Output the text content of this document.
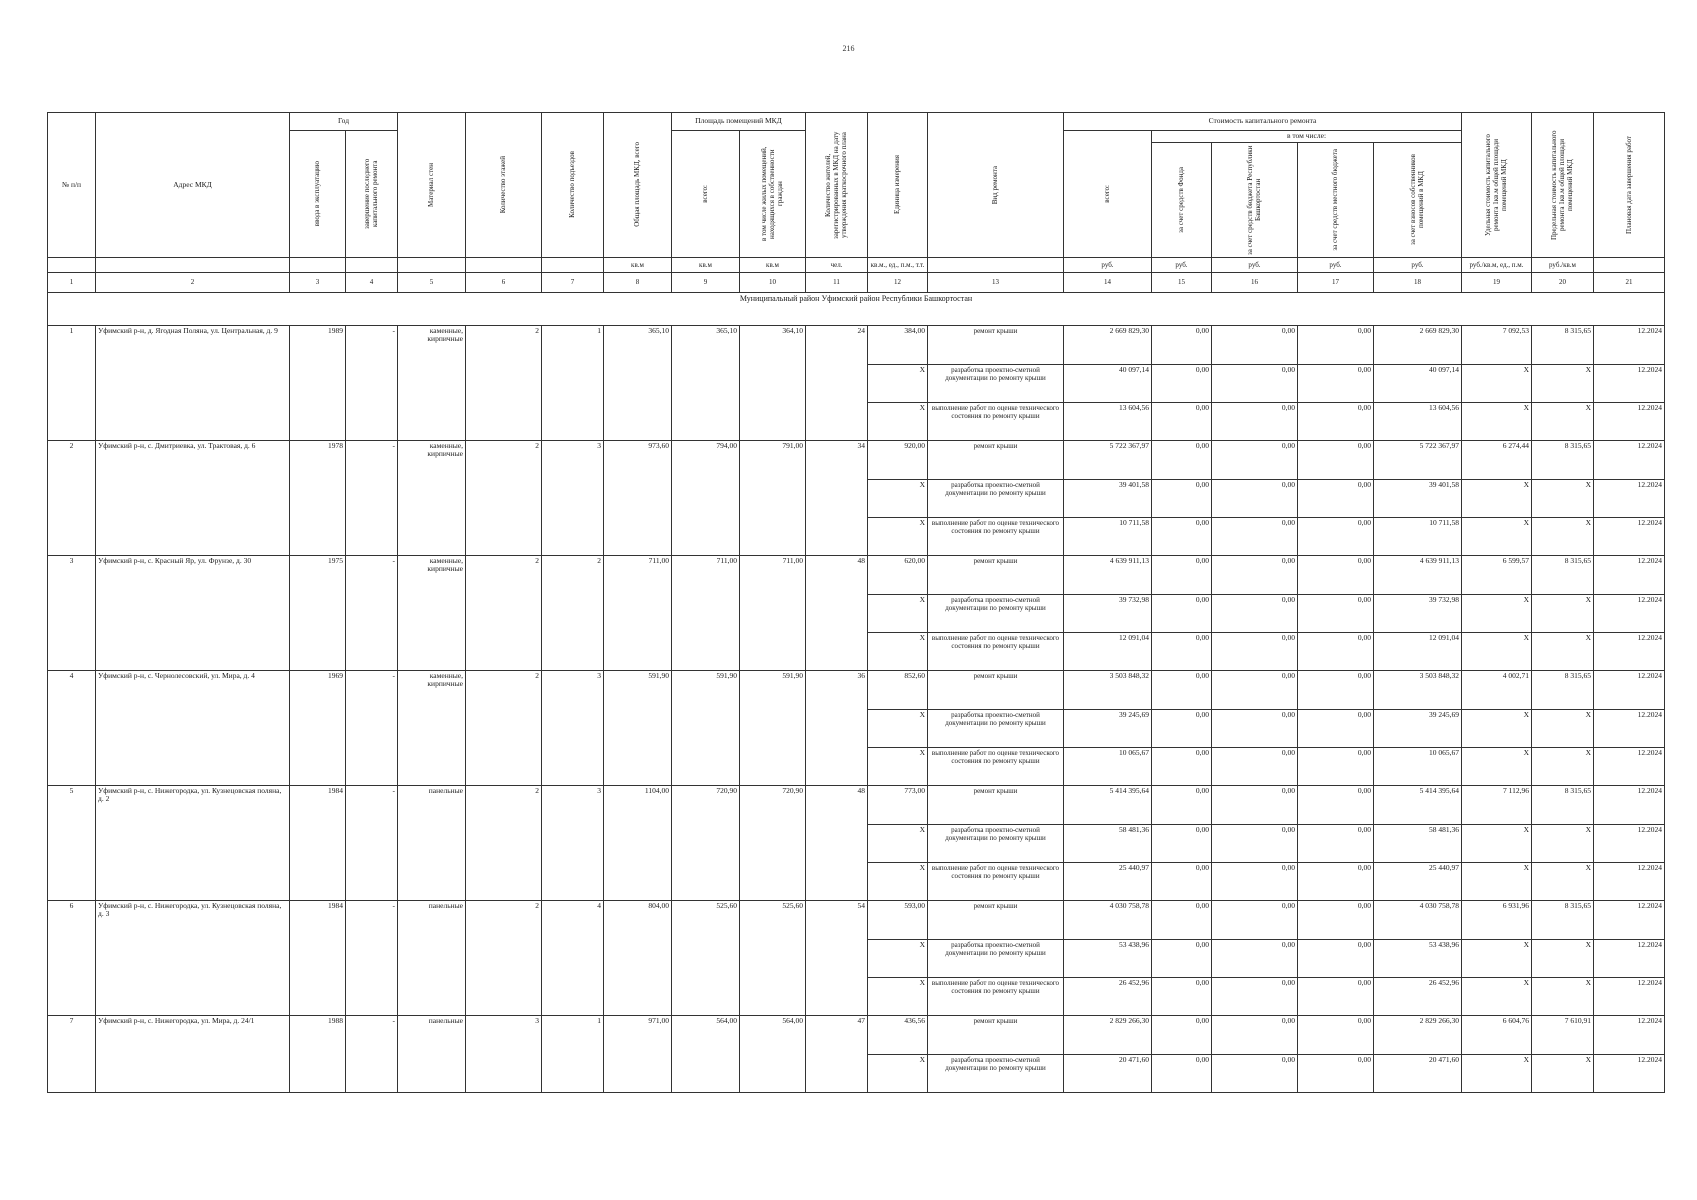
216
№ п/п	Адрес МКД	Год		Материал стен	Количество этажей	Количество подъездов	Общая площадь МКД, всего	Площадь помещений МКД		Количество жителей, зарегистрированных в МКД на дату утверждения краткосрочного плана	Единица измерения	Вид ремонта	Стоимость капитального ремонта					Удельная стоимость капитального ремонта 1кв.м общей площади помещений МКД	Предельная стоимость капитального ремонта 1кв.м общей площади помещений МКД	Плановая дата завершения работ

		ввода в эксплуатацию	завершение последнего капитального ремонта					всего:	в том числе жилых помещений, находящихся в собственности граждан				всего:	в том числе:						

														за счет средств Фонда	за счет средств бюджета Республики Башкортостан	за счет средств местного бюджета	за счет взносов собственников помещений в МКД			

							кв.м	кв.м	кв.м	чел.	кв.м., ед., п.м., т.т.		руб.	руб.	руб.	руб.	руб.	руб./кв.м, ед., п.м.	руб./кв.м	
1	2	3	4	5	6	7	8	9	10	11	12	13	14	15	16	17	18	19	20	21
Муниципальный район Уфимский район Республики Башкортостан																				
1	Уфимский р-н, д. Ягодная Поляна, ул. Центральная, д. 9	1989	-	каменные, кирпичные	2	1	365,10	365,10	364,10	24	384,00	ремонт крыши	2 669 829,30	0,00	0,00	0,00	2 669 829,30	7 092,53	8 315,65	12.2024
											X	разработка проектно-сметной документации по ремонту крыши	40 097,14	0,00	0,00	0,00	40 097,14	X	X	12.2024
											X	выполнение работ по оценке технического состояния по ремонту крыши	13 604,56	0,00	0,00	0,00	13 604,56	X	X	12.2024
2	Уфимский р-н, с. Дмитриевка, ул. Трактовая, д. 6	1978	-	каменные, кирпичные	2	3	973,60	794,00	791,00	34	920,00	ремонт крыши	5 722 367,97	0,00	0,00	0,00	5 722 367,97	6 274,44	8 315,65	12.2024
											X	разработка проектно-сметной документации по ремонту крыши	39 401,58	0,00	0,00	0,00	39 401,58	X	X	12.2024
											X	выполнение работ по оценке технического состояния по ремонту крыши	10 711,58	0,00	0,00	0,00	10 711,58	X	X	12.2024
3	Уфимский р-н, с. Красный Яр, ул. Фрунзе, д. 30	1975	-	каменные, кирпичные	2	2	711,00	711,00	711,00	48	620,00	ремонт крыши	4 639 911,13	0,00	0,00	0,00	4 639 911,13	6 599,57	8 315,65	12.2024
											X	разработка проектно-сметной документации по ремонту крыши	39 732,98	0,00	0,00	0,00	39 732,98	X	X	12.2024
											X	выполнение работ по оценке технического состояния по ремонту крыши	12 091,04	0,00	0,00	0,00	12 091,04	X	X	12.2024
4	Уфимский р-н, с. Чернолесовский, ул. Мира, д. 4	1969	-	каменные, кирпичные	2	3	591,90	591,90	591,90	36	852,60	ремонт крыши	3 503 848,32	0,00	0,00	0,00	3 503 848,32	4 002,71	8 315,65	12.2024
											X	разработка проектно-сметной документации по ремонту крыши	39 245,69	0,00	0,00	0,00	39 245,69	X	X	12.2024
											X	выполнение работ по оценке технического состояния по ремонту крыши	10 065,67	0,00	0,00	0,00	10 065,67	X	X	12.2024
5	Уфимский р-н, с. Нижегородка, ул. Кузнецовская поляна, д. 2	1984	-	панельные	2	3	1104,00	720,90	720,90	48	773,00	ремонт крыши	5 414 395,64	0,00	0,00	0,00	5 414 395,64	7 112,96	8 315,65	12.2024
											X	разработка проектно-сметной документации по ремонту крыши	58 481,36	0,00	0,00	0,00	58 481,36	X	X	12.2024
											X	выполнение работ по оценке технического состояния по ремонту крыши	25 440,97	0,00	0,00	0,00	25 440,97	X	X	12.2024
6	Уфимский р-н, с. Нижегородка, ул. Кузнецовская поляна, д. 3	1984	-	панельные	2	4	804,00	525,60	525,60	54	593,00	ремонт крыши	4 030 758,78	0,00	0,00	0,00	4 030 758,78	6 931,96	8 315,65	12.2024
											X	разработка проектно-сметной документации по ремонту крыши	53 438,96	0,00	0,00	0,00	53 438,96	X	X	12.2024
											X	выполнение работ по оценке технического состояния по ремонту крыши	26 452,96	0,00	0,00	0,00	26 452,96	X	X	12.2024
7	Уфимский р-н, с. Нижегородка, ул. Мира, д. 24/1	1988	-	панельные	3	1	971,00	564,00	564,00	47	436,56	ремонт крыши	2 829 266,30	0,00	0,00	0,00	2 829 266,30	6 604,76	7 610,91	12.2024
											X	разработка проектно-сметной документации по ремонту крыши	20 471,60	0,00	0,00	0,00	20 471,60	X	X	12.2024
